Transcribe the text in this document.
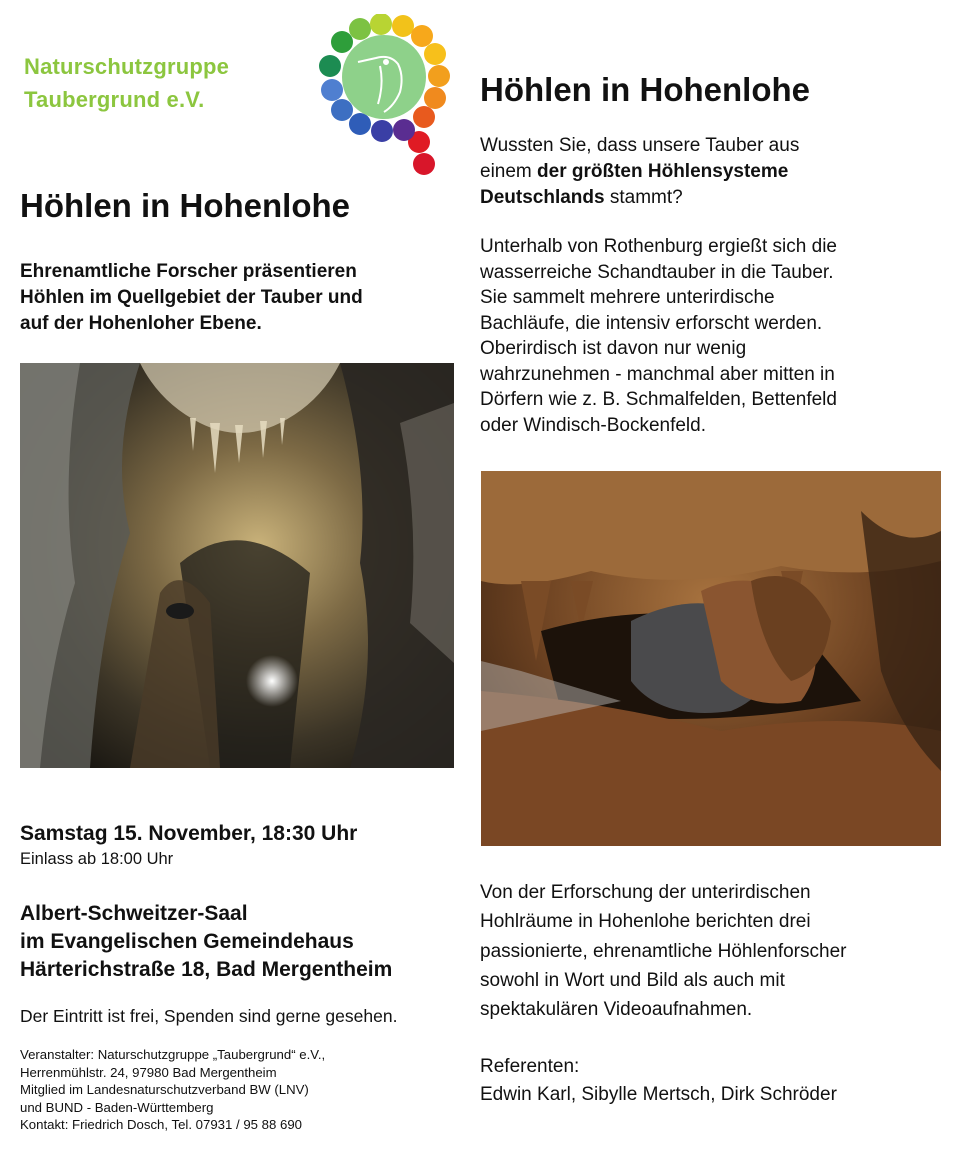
Naturschutzgruppe
Taubergrund e.V.
Höhlen in Hohenlohe
Ehrenamtliche Forscher präsentieren
Höhlen im Quellgebiet der Tauber und
auf der Hohenloher Ebene.
Samstag 15. November, 18:30 Uhr
Einlass ab 18:00 Uhr
Albert-Schweitzer-Saal
im Evangelischen Gemeindehaus
Härterichstraße 18, Bad Mergentheim
Der Eintritt ist frei, Spenden sind gerne gesehen.
Veranstalter: Naturschutzgruppe „Taubergrund“ e.V.,
Herrenmühlstr. 24, 97980 Bad Mergentheim
Mitglied im Landesnaturschutzverband BW (LNV)
und BUND - Baden-Württemberg
Kontakt: Friedrich Dosch, Tel. 07931 / 95 88 690
Höhlen in Hohenlohe
Wussten Sie, dass unsere Tauber aus
einem der größten Höhlensysteme
Deutschlands stammt?
Unterhalb von Rothenburg ergießt sich die
wasserreiche Schandtauber in die Tauber.
Sie sammelt mehrere unterirdische
Bachläufe, die intensiv erforscht werden.
Oberirdisch ist davon nur wenig
wahrzunehmen - manchmal aber mitten in
Dörfern wie z. B. Schmalfelden, Bettenfeld
oder Windisch-Bockenfeld.
Von der Erforschung der unterirdischen
Hohlräume in Hohenlohe berichten drei
passionierte, ehrenamtliche Höhlenforscher
sowohl in Wort und Bild als auch mit
spektakulären Videoaufnahmen.
Referenten:
Edwin Karl, Sibylle Mertsch, Dirk Schröder
